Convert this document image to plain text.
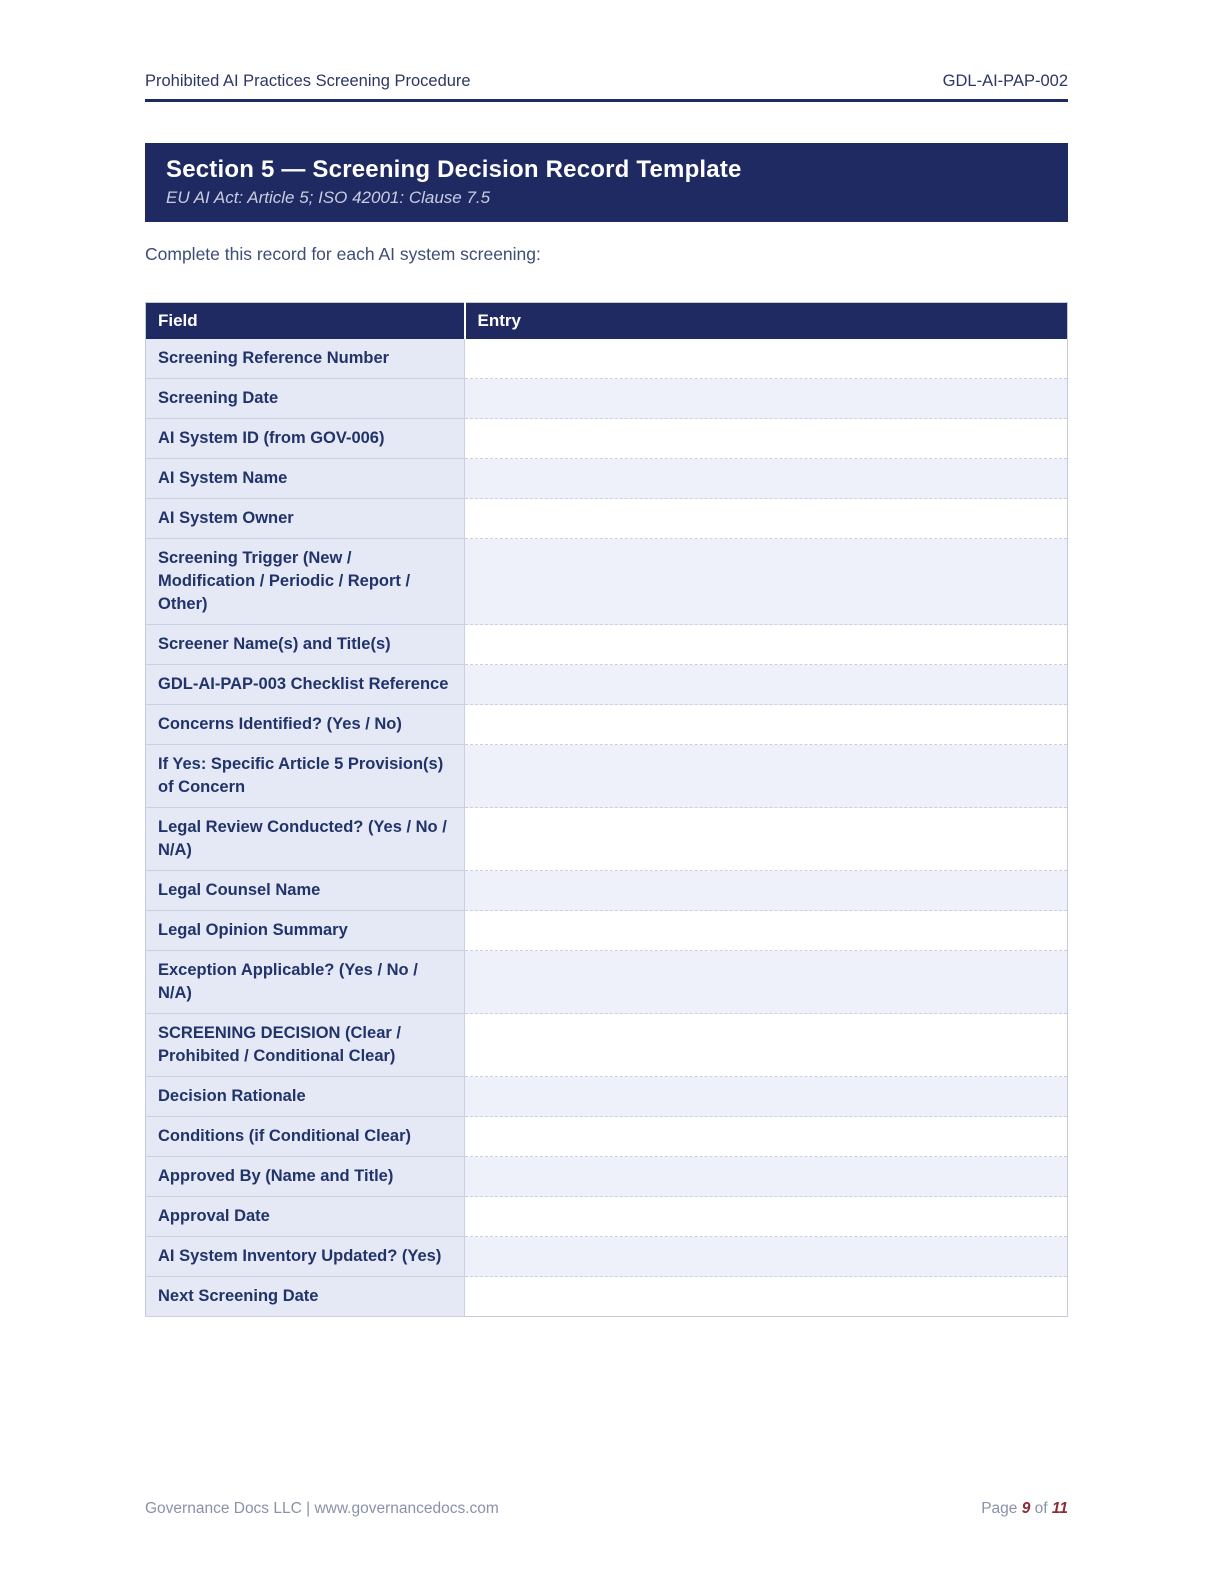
Prohibited AI Practices Screening Procedure	GDL-AI-PAP-002
Section 5 — Screening Decision Record Template

EU AI Act: Article 5; ISO 42001: Clause 7.5

Complete this record for each AI system screening:

Field	Entry
Screening Reference Number	
Screening Date	
AI System ID (from GOV-006)	
AI System Name	
AI System Owner	
Screening Trigger (New / Modification / Periodic / Report / Other)	
Screener Name(s) and Title(s)	
GDL-AI-PAP-003 Checklist Reference	
Concerns Identified? (Yes / No)	
If Yes: Specific Article 5 Provision(s) of Concern	
Legal Review Conducted? (Yes / No / N/A)	
Legal Counsel Name	
Legal Opinion Summary	
Exception Applicable? (Yes / No / N/A)	
SCREENING DECISION (Clear / Prohibited / Conditional Clear)	
Decision Rationale	
Conditions (if Conditional Clear)	
Approved By (Name and Title)	
Approval Date	
AI System Inventory Updated? (Yes)	
Next Screening Date	
Governance Docs LLC | www.governancedocs.com	Page 9 of 11
